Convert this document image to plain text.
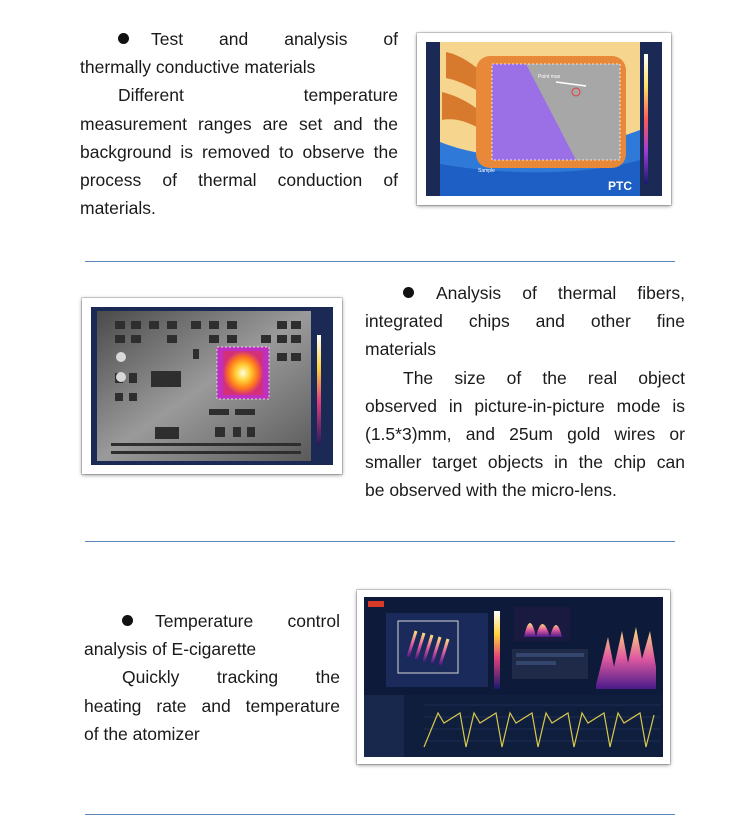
Test and analysis of

thermally conductive materials

Different temperature

measurement ranges are set and the

background is removed to observe the

process of thermal conduction of

materials.

Point max
Sample
PTC

Analysis of thermal fibers,

integrated chips and other fine

materials

The size of the real object

observed in picture-in-picture mode is

(1.5*3)mm, and 25um gold wires or

smaller target objects in the chip can

be observed with the micro-lens.

Temperature control

analysis of E-cigarette

Quickly tracking the

heating rate and temperature

of the atomizer
